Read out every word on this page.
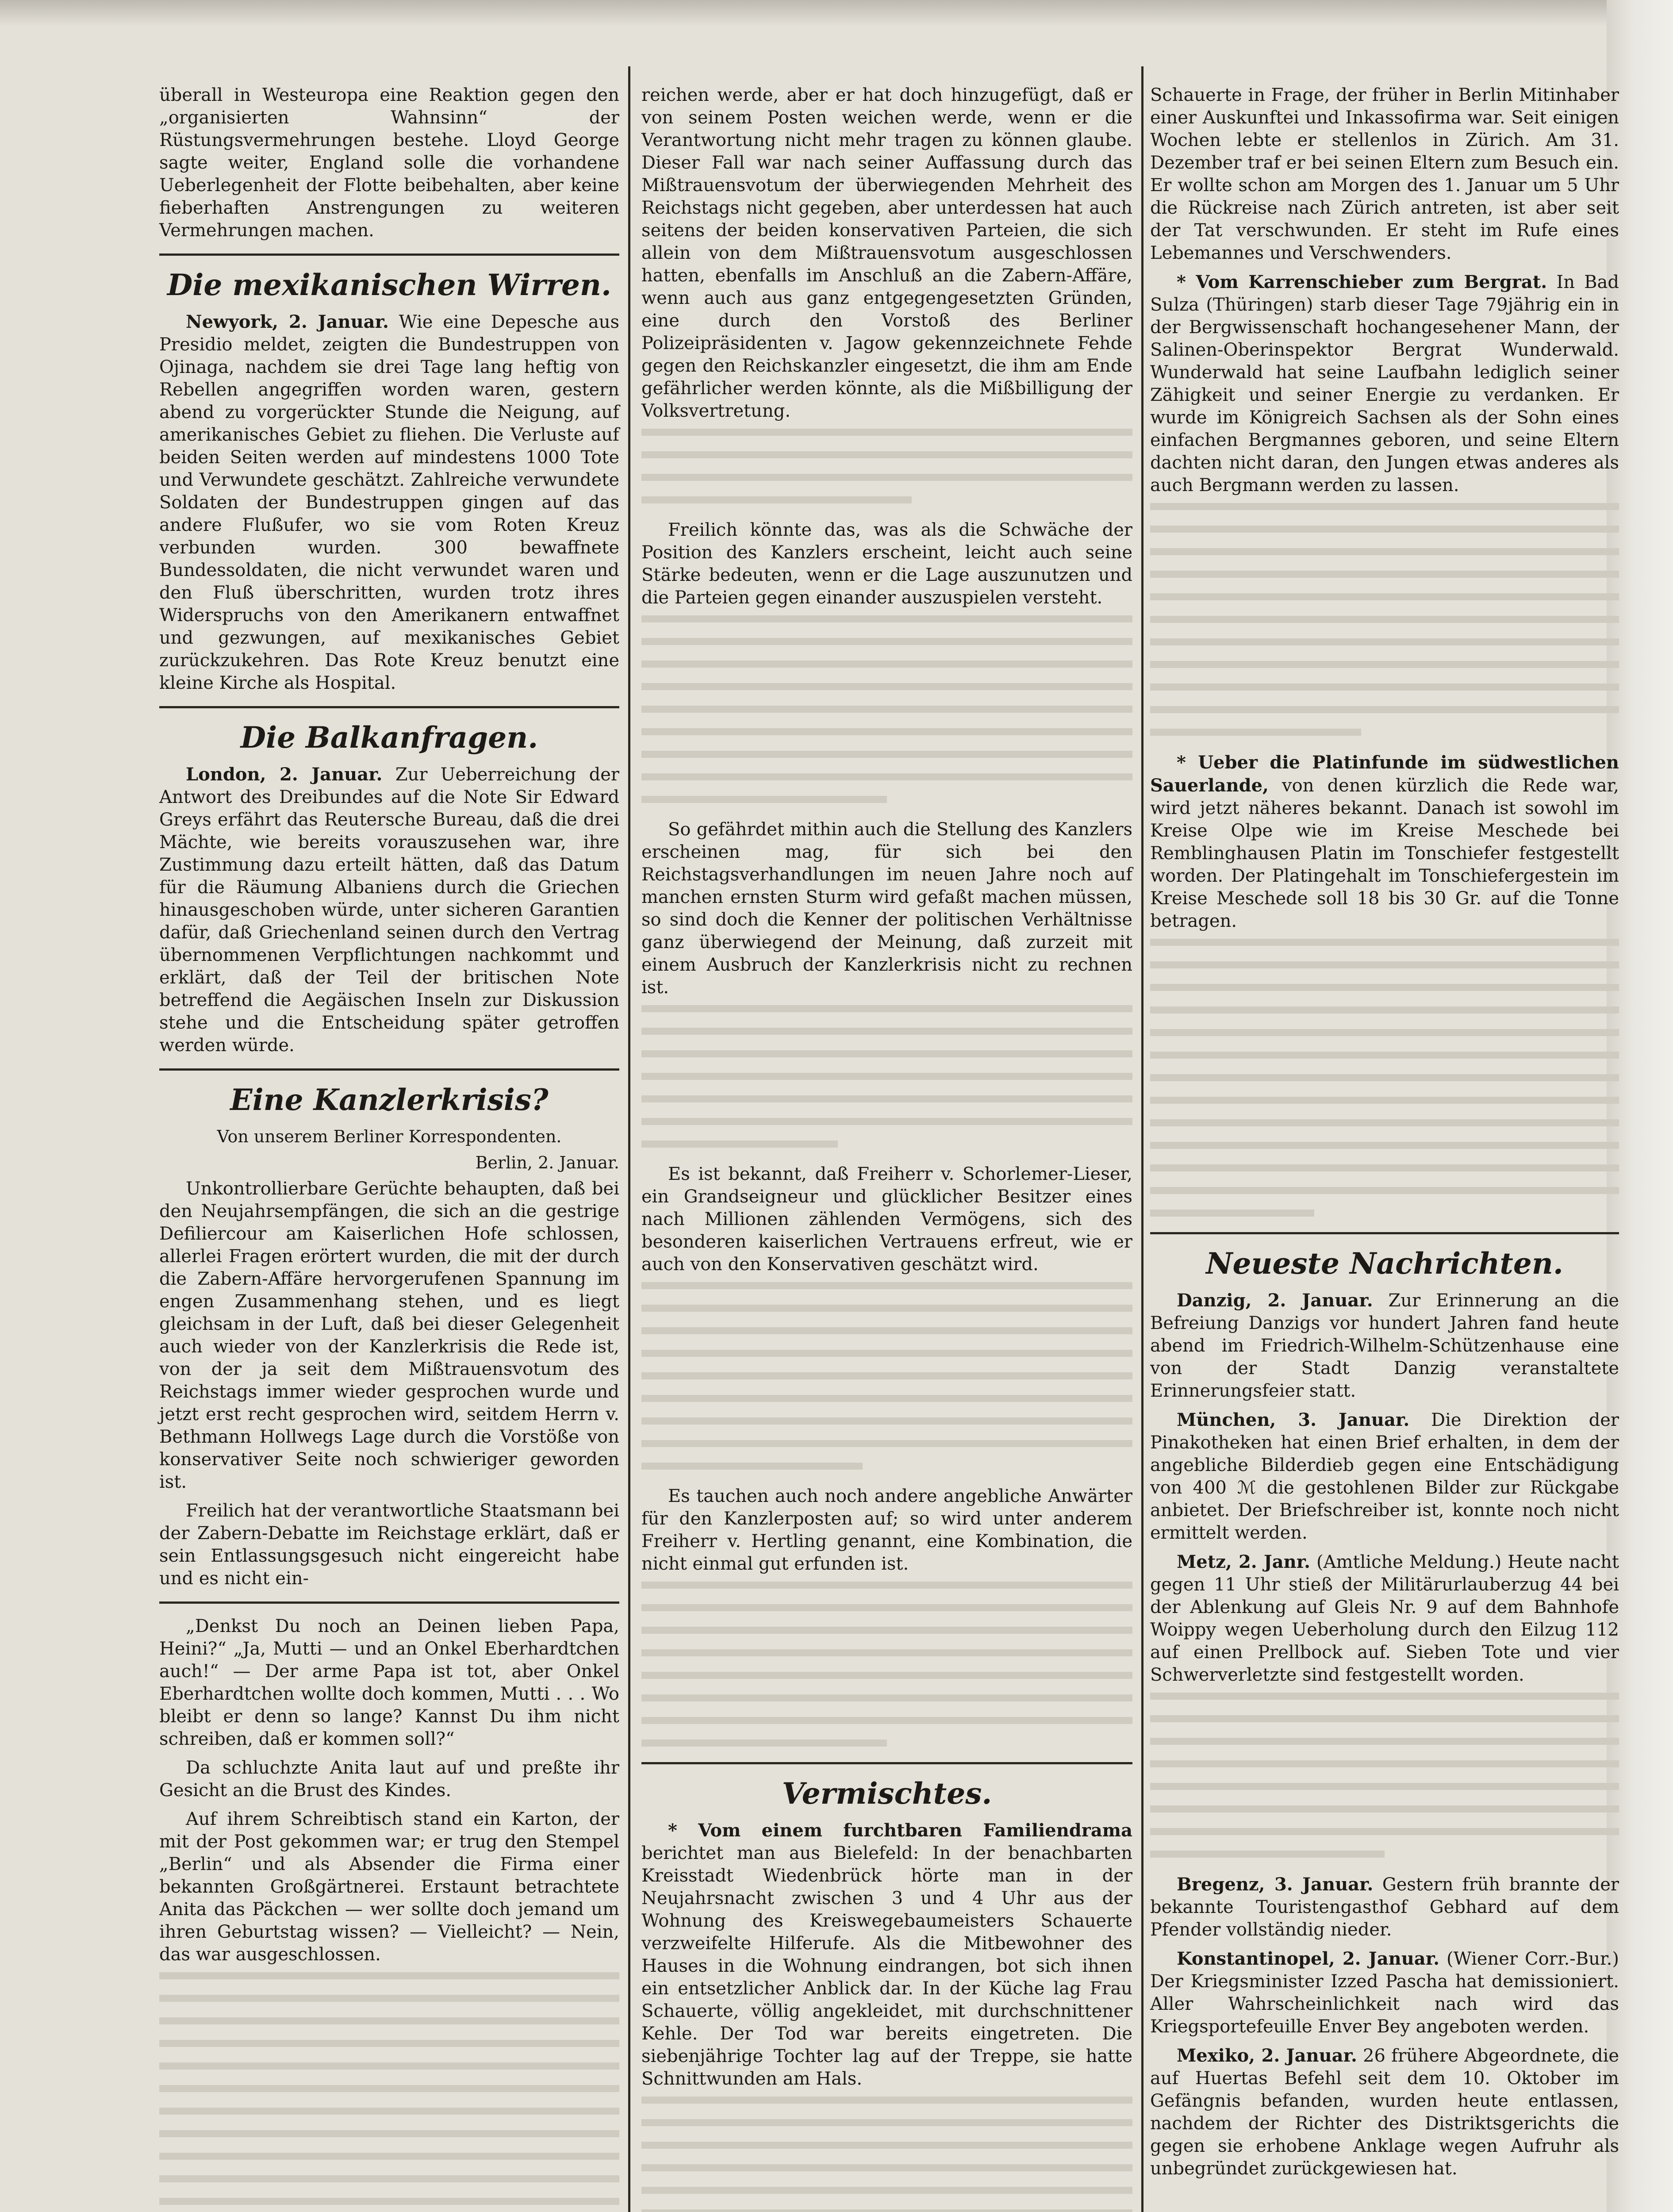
überall in Westeuropa eine Reaktion gegen den „organisierten Wahnsinn“ der Rüstungsvermehrungen bestehe. Lloyd George sagte weiter, England solle die vorhandene Ueberlegenheit der Flotte beibehalten, aber keine fieberhaften Anstrengungen zu weiteren Vermehrungen machen.

Die mexikanischen Wirren.

Newyork, 2. Januar. Wie eine Depesche aus Presidio meldet, zeigten die Bundestruppen von Ojinaga, nachdem sie drei Tage lang heftig von Rebellen angegriffen worden waren, gestern abend zu vorgerückter Stunde die Neigung, auf amerikanisches Gebiet zu fliehen. Die Verluste auf beiden Seiten werden auf mindestens 1000 Tote und Verwundete geschätzt. Zahlreiche verwundete Soldaten der Bundestruppen gingen auf das andere Flußufer, wo sie vom Roten Kreuz verbunden wurden. 300 bewaffnete Bundessoldaten, die nicht verwundet waren und den Fluß überschritten, wurden trotz ihres Widerspruchs von den Amerikanern entwaffnet und gezwungen, auf mexikanisches Gebiet zurückzukehren. Das Rote Kreuz benutzt eine kleine Kirche als Hospital.

Die Balkanfragen.

London, 2. Januar. Zur Ueberreichung der Antwort des Dreibundes auf die Note Sir Edward Greys erfährt das Reutersche Bureau, daß die drei Mächte, wie bereits vorauszusehen war, ihre Zustimmung dazu erteilt hätten, daß das Datum für die Räumung Albaniens durch die Griechen hinausgeschoben würde, unter sicheren Garantien dafür, daß Griechenland seinen durch den Vertrag übernommenen Verpflichtungen nachkommt und erklärt, daß der Teil der britischen Note betreffend die Aegäischen Inseln zur Diskussion stehe und die Entscheidung später getroffen werden würde.

Eine Kanzlerkrisis?
Von unserem Berliner Korrespondenten.
Berlin, 2. Januar.

Unkontrollierbare Gerüchte behaupten, daß bei den Neujahrsempfängen, die sich an die gestrige Defiliercour am Kaiserlichen Hofe schlossen, allerlei Fragen erörtert wurden, die mit der durch die Zabern-Affäre hervorgerufenen Spannung im engen Zusammenhang stehen, und es liegt gleichsam in der Luft, daß bei dieser Gelegenheit auch wieder von der Kanzlerkrisis die Rede ist, von der ja seit dem Mißtrauensvotum des Reichstags immer wieder gesprochen wurde und jetzt erst recht gesprochen wird, seitdem Herrn v. Bethmann Hollwegs Lage durch die Vorstöße von konservativer Seite noch schwieriger geworden ist.

Freilich hat der verantwortliche Staatsmann bei der Zabern-Debatte im Reichstage erklärt, daß er sein Entlassungsgesuch nicht eingereicht habe und es nicht ein-

„Denkst Du noch an Deinen lieben Papa, Heini?“ „Ja, Mutti — und an Onkel Eberhardtchen auch!“ — Der arme Papa ist tot, aber Onkel Eberhardtchen wollte doch kommen, Mutti . . . Wo bleibt er denn so lange? Kannst Du ihm nicht schreiben, daß er kommen soll?“

Da schluchzte Anita laut auf und preßte ihr Gesicht an die Brust des Kindes.

Auf ihrem Schreibtisch stand ein Karton, der mit der Post gekommen war; er trug den Stempel „Berlin“ und als Absender die Firma einer bekannten Großgärtnerei. Erstaunt betrachtete Anita das Päckchen — wer sollte doch jemand um ihren Geburtstag wissen? — Vielleicht? — Nein, das war ausgeschlossen.

reichen werde, aber er hat doch hinzugefügt, daß er von seinem Posten weichen werde, wenn er die Verantwortung nicht mehr tragen zu können glaube. Dieser Fall war nach seiner Auffassung durch das Mißtrauensvotum der überwiegenden Mehrheit des Reichstags nicht gegeben, aber unterdessen hat auch seitens der beiden konservativen Parteien, die sich allein von dem Mißtrauensvotum ausgeschlossen hatten, ebenfalls im Anschluß an die Zabern-Affäre, wenn auch aus ganz entgegengesetzten Gründen, eine durch den Vorstoß des Berliner Polizeipräsidenten v. Jagow gekennzeichnete Fehde gegen den Reichskanzler eingesetzt, die ihm am Ende gefährlicher werden könnte, als die Mißbilligung der Volksvertretung.

Freilich könnte das, was als die Schwäche der Position des Kanzlers erscheint, leicht auch seine Stärke bedeuten, wenn er die Lage auszunutzen und die Parteien gegen einander auszuspielen versteht.

So gefährdet mithin auch die Stellung des Kanzlers erscheinen mag, für sich bei den Reichstagsverhandlungen im neuen Jahre noch auf manchen ernsten Sturm wird gefaßt machen müssen, so sind doch die Kenner der politischen Verhältnisse ganz überwiegend der Meinung, daß zurzeit mit einem Ausbruch der Kanzlerkrisis nicht zu rechnen ist.

Es ist bekannt, daß Freiherr v. Schorlemer-Lieser, ein Grandseigneur und glücklicher Besitzer eines nach Millionen zählenden Vermögens, sich des besonderen kaiserlichen Vertrauens erfreut, wie er auch von den Konservativen geschätzt wird.

Es tauchen auch noch andere angebliche Anwärter für den Kanzlerposten auf; so wird unter anderem Freiherr v. Hertling genannt, eine Kombination, die nicht einmal gut erfunden ist.

Vermischtes.

* Vom einem furchtbaren Familiendrama berichtet man aus Bielefeld: In der benachbarten Kreisstadt Wiedenbrück hörte man in der Neujahrsnacht zwischen 3 und 4 Uhr aus der Wohnung des Kreiswegebaumeisters Schauerte verzweifelte Hilferufe. Als die Mitbewohner des Hauses in die Wohnung eindrangen, bot sich ihnen ein entsetzlicher Anblick dar. In der Küche lag Frau Schauerte, völlig angekleidet, mit durchschnittener Kehle. Der Tod war bereits eingetreten. Die siebenjährige Tochter lag auf der Treppe, sie hatte Schnittwunden am Hals.

Schauerte in Frage, der früher in Berlin Mitinhaber einer Auskunftei und Inkassofirma war. Seit einigen Wochen lebte er stellenlos in Zürich. Am 31. Dezember traf er bei seinen Eltern zum Besuch ein. Er wollte schon am Morgen des 1. Januar um 5 Uhr die Rückreise nach Zürich antreten, ist aber seit der Tat verschwunden. Er steht im Rufe eines Lebemannes und Verschwenders.

* Vom Karrenschieber zum Bergrat. In Bad Sulza (Thüringen) starb dieser Tage 79jährig ein in der Bergwissenschaft hochangesehener Mann, der Salinen-Oberinspektor Bergrat Wunderwald. Wunderwald hat seine Laufbahn lediglich seiner Zähigkeit und seiner Energie zu verdanken. Er wurde im Königreich Sachsen als der Sohn eines einfachen Bergmannes geboren, und seine Eltern dachten nicht daran, den Jungen etwas anderes als auch Bergmann werden zu lassen.

* Ueber die Platinfunde im südwestlichen Sauerlande, von denen kürzlich die Rede war, wird jetzt näheres bekannt. Danach ist sowohl im Kreise Olpe wie im Kreise Meschede bei Remblinghausen Platin im Tonschiefer festgestellt worden. Der Platingehalt im Tonschiefergestein im Kreise Meschede soll 18 bis 30 Gr. auf die Tonne betragen.

Neueste Nachrichten.

Danzig, 2. Januar. Zur Erinnerung an die Befreiung Danzigs vor hundert Jahren fand heute abend im Friedrich-Wilhelm-Schützenhause eine von der Stadt Danzig veranstaltete Erinnerungsfeier statt.

München, 3. Januar. Die Direktion der Pinakotheken hat einen Brief erhalten, in dem der angebliche Bilderdieb gegen eine Entschädigung von 400 ℳ die gestohlenen Bilder zur Rückgabe anbietet. Der Briefschreiber ist, konnte noch nicht ermittelt werden.

Metz, 2. Janr. (Amtliche Meldung.) Heute nacht gegen 11 Uhr stieß der Militärurlauberzug 44 bei der Ablenkung auf Gleis Nr. 9 auf dem Bahnhofe Woippy wegen Ueberholung durch den Eilzug 112 auf einen Prellbock auf. Sieben Tote und vier Schwerverletzte sind festgestellt worden.

Bregenz, 3. Januar. Gestern früh brannte der bekannte Touristengasthof Gebhard auf dem Pfender vollständig nieder.

Konstantinopel, 2. Januar. (Wiener Corr.-Bur.) Der Kriegsminister Izzed Pascha hat demissioniert. Aller Wahrscheinlichkeit nach wird das Kriegsportefeuille Enver Bey angeboten werden.

Mexiko, 2. Januar. 26 frühere Abgeordnete, die auf Huertas Befehl seit dem 10. Oktober im Gefängnis befanden, wurden heute entlassen, nachdem der Richter des Distriktsgerichts die gegen sie erhobene Anklage wegen Aufruhr als unbegründet zurückgewiesen hat.
